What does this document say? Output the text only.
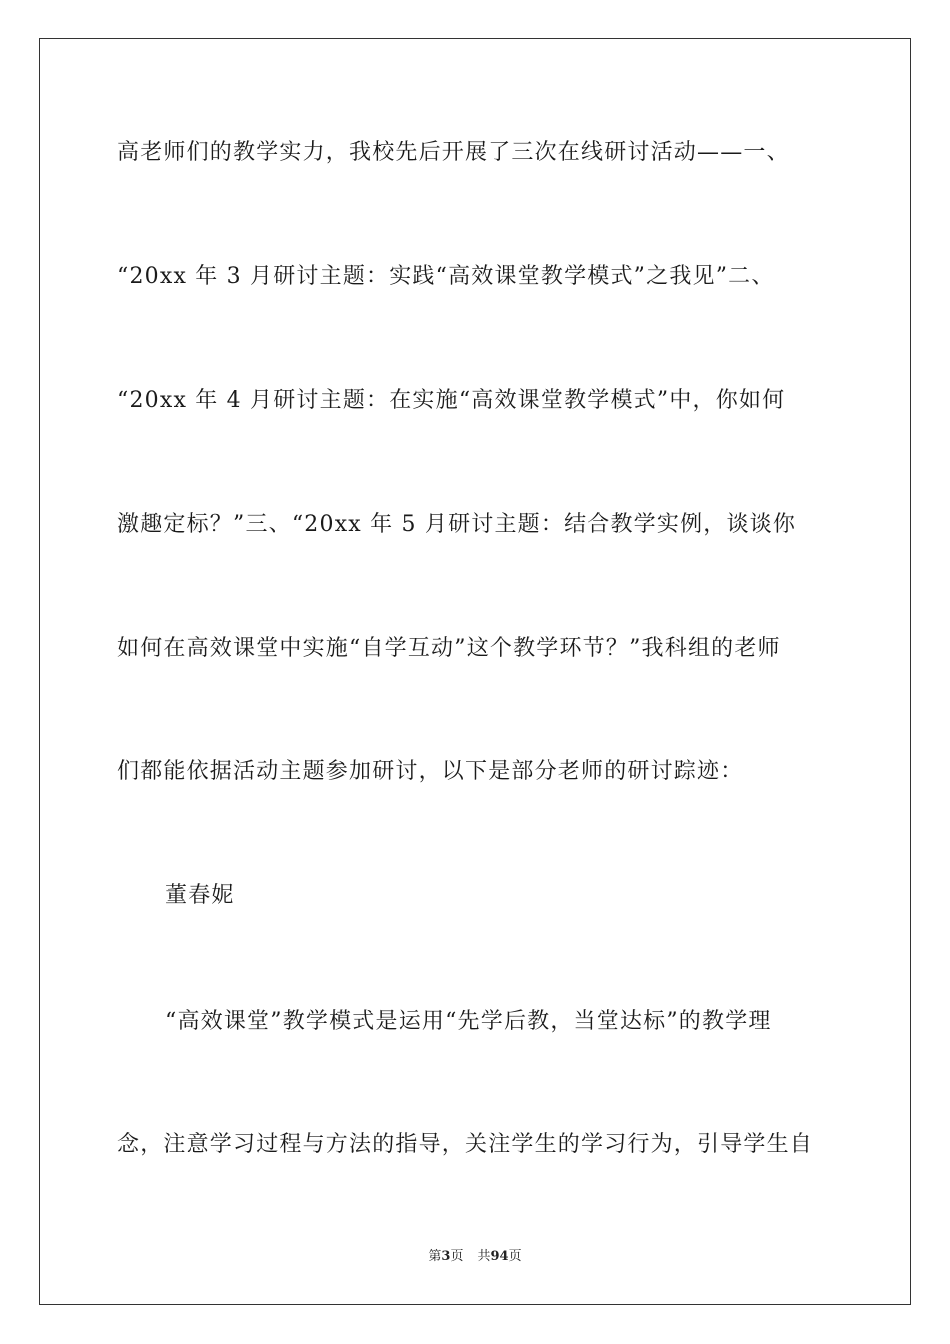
高老师们的教学实力，我校先后开展了三次在线研讨活动——一、
“20xx 年 3 月研讨主题：实践“高效课堂教学模式”之我见”二、
“20xx 年 4 月研讨主题：在实施“高效课堂教学模式”中，你如何
激趣定标？”三、“20xx 年 5 月研讨主题：结合教学实例，谈谈你
如何在高效课堂中实施“自学互动”这个教学环节？”我科组的老师
们都能依据活动主题参加研讨，以下是部分老师的研讨踪迹：
董春妮
“高效课堂”教学模式是运用“先学后教，当堂达标”的教学理
念，注意学习过程与方法的指导，关注学生的学习行为，引导学生自
第3页 共94页
